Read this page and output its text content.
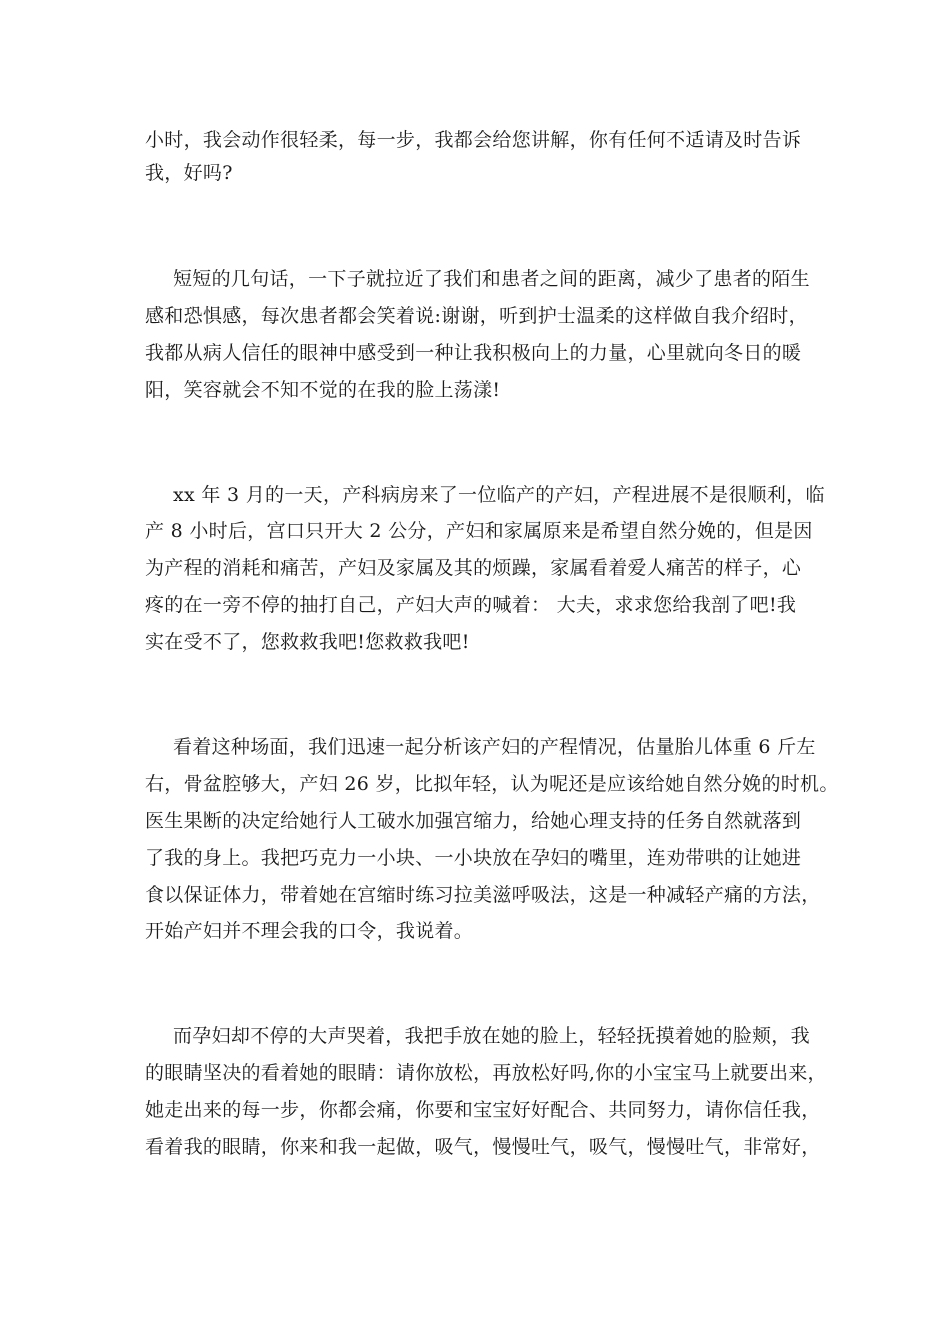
小时，我会动作很轻柔，每一步，我都会给您讲解，你有任何不适请及时告诉
我，好吗?
短短的几句话，一下子就拉近了我们和患者之间的距离，减少了患者的陌生
感和恐惧感，每次患者都会笑着说:谢谢，听到护士温柔的这样做自我介绍时，
我都从病人信任的眼神中感受到一种让我积极向上的力量，心里就向冬日的暖
阳，笑容就会不知不觉的在我的脸上荡漾!
xx 年 3 月的一天，产科病房来了一位临产的产妇，产程进展不是很顺利，临
产 8 小时后，宫口只开大 2 公分，产妇和家属原来是希望自然分娩的，但是因
为产程的消耗和痛苦，产妇及家属及其的烦躁，家属看着爱人痛苦的样子，心
疼的在一旁不停的抽打自己，产妇大声的喊着： 大夫，求求您给我剖了吧!我
实在受不了，您救救我吧!您救救我吧!
看着这种场面，我们迅速一起分析该产妇的产程情况，估量胎儿体重 6 斤左
右，骨盆腔够大，产妇 26 岁，比拟年轻，认为呢还是应该给她自然分娩的时机。
医生果断的决定给她行人工破水加强宫缩力，给她心理支持的任务自然就落到
了我的身上。我把巧克力一小块、一小块放在孕妇的嘴里，连劝带哄的让她进
食以保证体力，带着她在宫缩时练习拉美滋呼吸法，这是一种减轻产痛的方法，
开始产妇并不理会我的口令，我说着。
而孕妇却不停的大声哭着，我把手放在她的脸上，轻轻抚摸着她的脸颊，我
的眼睛坚决的看着她的眼睛：请你放松，再放松好吗,你的小宝宝马上就要出来，
她走出来的每一步，你都会痛，你要和宝宝好好配合、共同努力，请你信任我，
看着我的眼睛，你来和我一起做，吸气，慢慢吐气，吸气，慢慢吐气，非常好，
